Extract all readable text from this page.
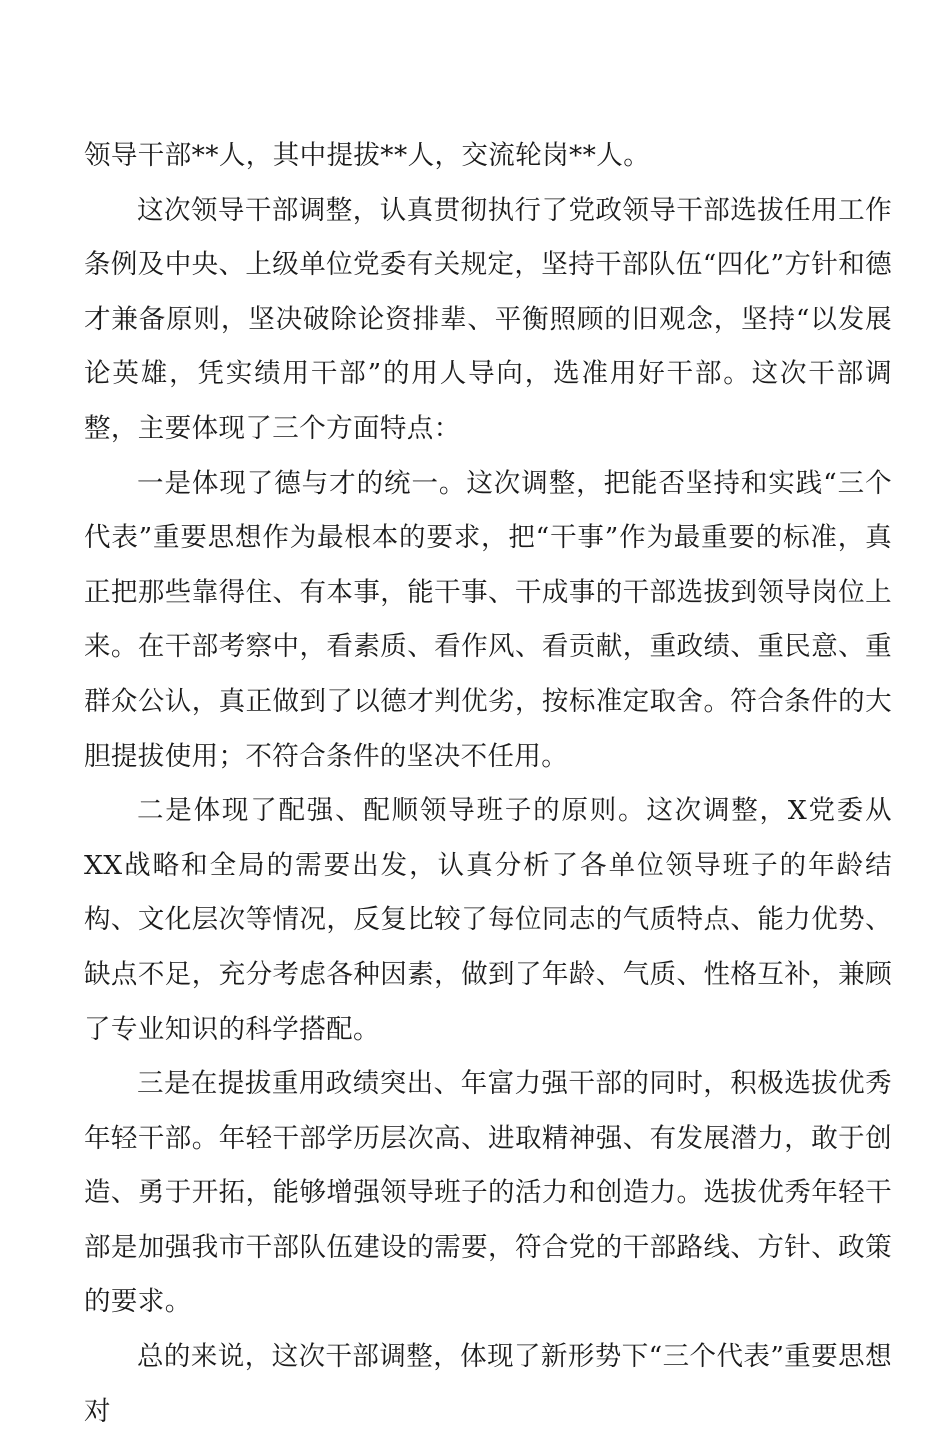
领导干部**人，其中提拔**人，交流轮岗**人。

这次领导干部调整，认真贯彻执行了党政领导干部选拔任用工作条例及中央、上级单位党委有关规定，坚持干部队伍“四化”方针和德才兼备原则，坚决破除论资排辈、平衡照顾的旧观念，坚持“以发展论英雄，凭实绩用干部”的用人导向，选准用好干部。这次干部调整，主要体现了三个方面特点：

一是体现了德与才的统一。这次调整，把能否坚持和实践“三个代表”重要思想作为最根本的要求，把“干事”作为最重要的标准，真正把那些靠得住、有本事，能干事、干成事的干部选拔到领导岗位上来。在干部考察中，看素质、看作风、看贡献，重政绩、重民意、重群众公认，真正做到了以德才判优劣，按标准定取舍。符合条件的大胆提拔使用；不符合条件的坚决不任用。

二是体现了配强、配顺领导班子的原则。这次调整，X党委从XX战略和全局的需要出发，认真分析了各单位领导班子的年龄结构、文化层次等情况，反复比较了每位同志的气质特点、能力优势、缺点不足，充分考虑各种因素，做到了年龄、气质、性格互补，兼顾了专业知识的科学搭配。

三是在提拔重用政绩突出、年富力强干部的同时，积极选拔优秀年轻干部。年轻干部学历层次高、进取精神强、有发展潜力，敢于创造、勇于开拓，能够增强领导班子的活力和创造力。选拔优秀年轻干部是加强我市干部队伍建设的需要，符合党的干部路线、方针、政策的要求。

总的来说，这次干部调整，体现了新形势下“三个代表”重要思想对
